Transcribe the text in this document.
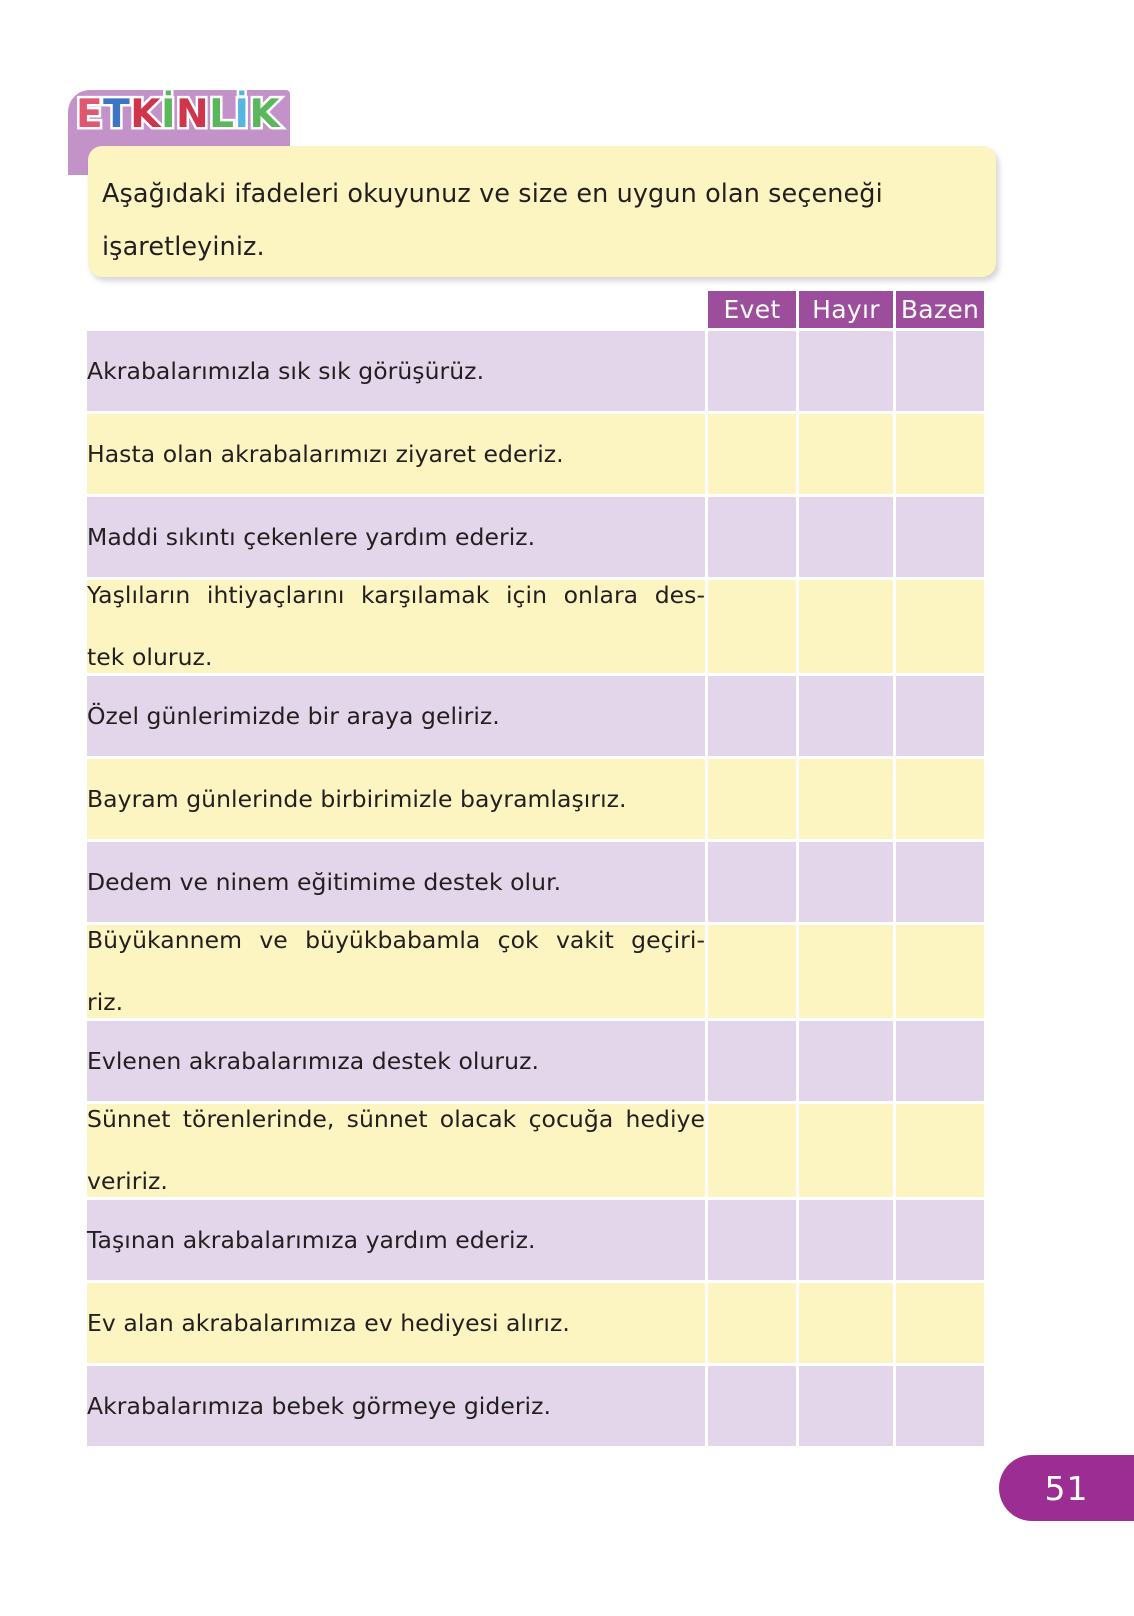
ETKİNLİK

Aşağıdaki ifadeleri okuyunuz ve size en uygun olan seçeneği
işaretleyiniz.

	Evet	Hayır	Bazen
Akrabalarımızla sık sık görüşürüz.			
Hasta olan akrabalarımızı ziyaret ederiz.			
Maddi sıkıntı çekenlere yardım ederiz.			

Yaşlıların ihtiyaçlarını karşılamak için onlara des-
tek oluruz.			

Özel günlerimizde bir araya geliriz.			
Bayram günlerinde birbirimizle bayramlaşırız.			
Dedem ve ninem eğitimime destek olur.			

Büyükannem ve büyükbabamla çok vakit geçiri-
riz.			

Evlenen akrabalarımıza destek oluruz.			

Sünnet törenlerinde, sünnet olacak çocuğa hediye
veririz.			

Taşınan akrabalarımıza yardım ederiz.			
Ev alan akrabalarımıza ev hediyesi alırız.			
Akrabalarımıza bebek görmeye gideriz.			
51
